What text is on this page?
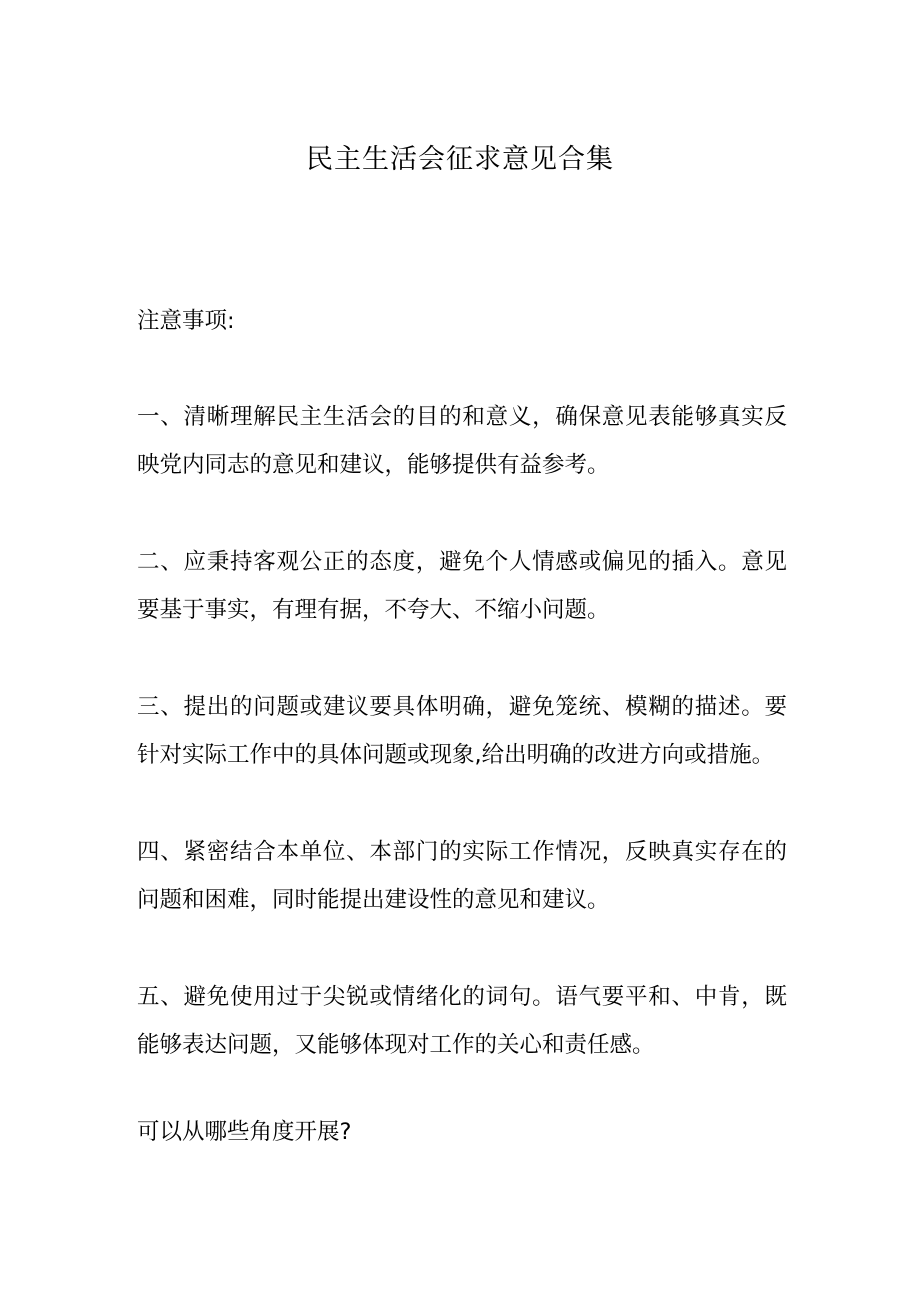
民主生活会征求意见合集

注意事项:

一、清晰理解民主生活会的目的和意义，确保意见表能够真实反映党内同志的意见和建议，能够提供有益参考。

二、应秉持客观公正的态度，避免个人情感或偏见的插入。意见要基于事实，有理有据，不夸大、不缩小问题。

三、提出的问题或建议要具体明确，避免笼统、模糊的描述。要针对实际工作中的具体问题或现象,给出明确的改进方向或措施。

四、紧密结合本单位、本部门的实际工作情况，反映真实存在的问题和困难，同时能提出建设性的意见和建议。

五、避免使用过于尖锐或情绪化的词句。语气要平和、中肯，既能够表达问题，又能够体现对工作的关心和责任感。

可以从哪些角度开展?
